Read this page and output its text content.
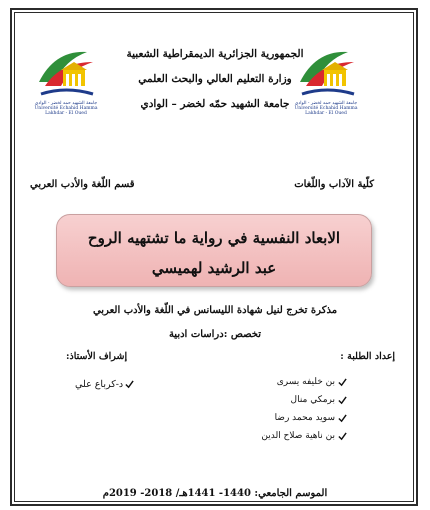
الجمهورية الجزائرية الديمقراطية الشعبية
وزارة التعليم العالي والبحث العلمي
جامعة الشهيد حمّه لخضر – الوادي
جامعة الشهيد حمه لخضر - الوادي
Université Echahid Hamma Lakhdar - El Oued
جامعة الشهيد حمه لخضر - الوادي
Université Echahid Hamma Lakhdar - El Oued
كلّية الآداب واللّغات
قسم اللّغة والأدب العربي
الابعاد النفسية في رواية ما تشتهيه الروح
عبد الرشيد لهميسي
مذكرة تخرج لنيل شهادة الليسانس في اللّغة والأدب العربي
تخصص :دراسات ادبية
إعداد الطلبة :
إشراف الأستاذ:
بن خليفه يسرى
برمكي منال
سويد محمد رضا
بن ناهية صلاح الدين
د-كرباع علي
الموسم الجامعي: 1440- 1441هـ/ 2018- 2019م
